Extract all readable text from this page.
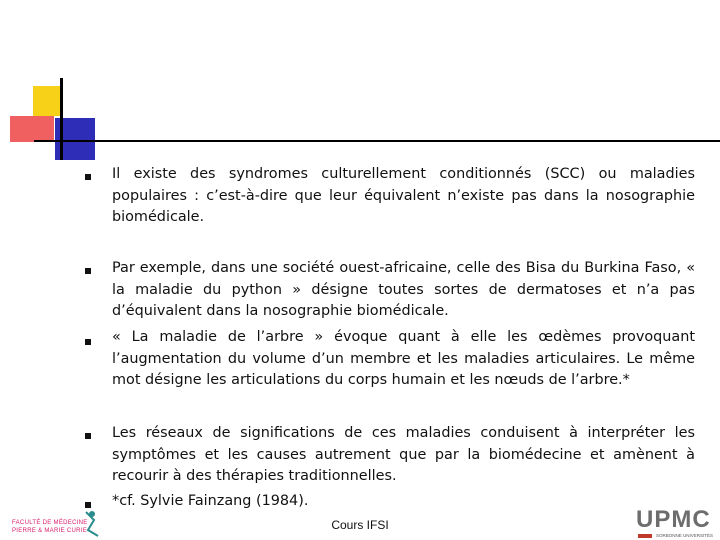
Il existe des syndromes culturellement conditionnés (SCC) ou maladies populaires : c’est-à-dire que leur équivalent n’existe pas dans la nosographie biomédicale.

Par exemple, dans une société ouest-africaine, celle des Bisa du Burkina Faso, « la maladie du python » désigne toutes sortes de dermatoses et n’a pas d’équivalent dans la nosographie biomédicale.

« La maladie de l’arbre » évoque quant à elle les œdèmes provoquant l’augmentation du volume d’un membre et les maladies articulaires. Le même mot désigne les articulations du corps humain et les nœuds de l’arbre.*

Les réseaux de significations de ces maladies conduisent à interpréter les symptômes et les causes autrement que par la biomédecine et amènent à recourir à des thérapies traditionnelles.

*cf. Sylvie Fainzang (1984).

FACULTÉ DE MÉDECINE
PIERRE & MARIE CURIE	Cours IFSI	UPMC
SORBONNE UNIVERSITÉS
